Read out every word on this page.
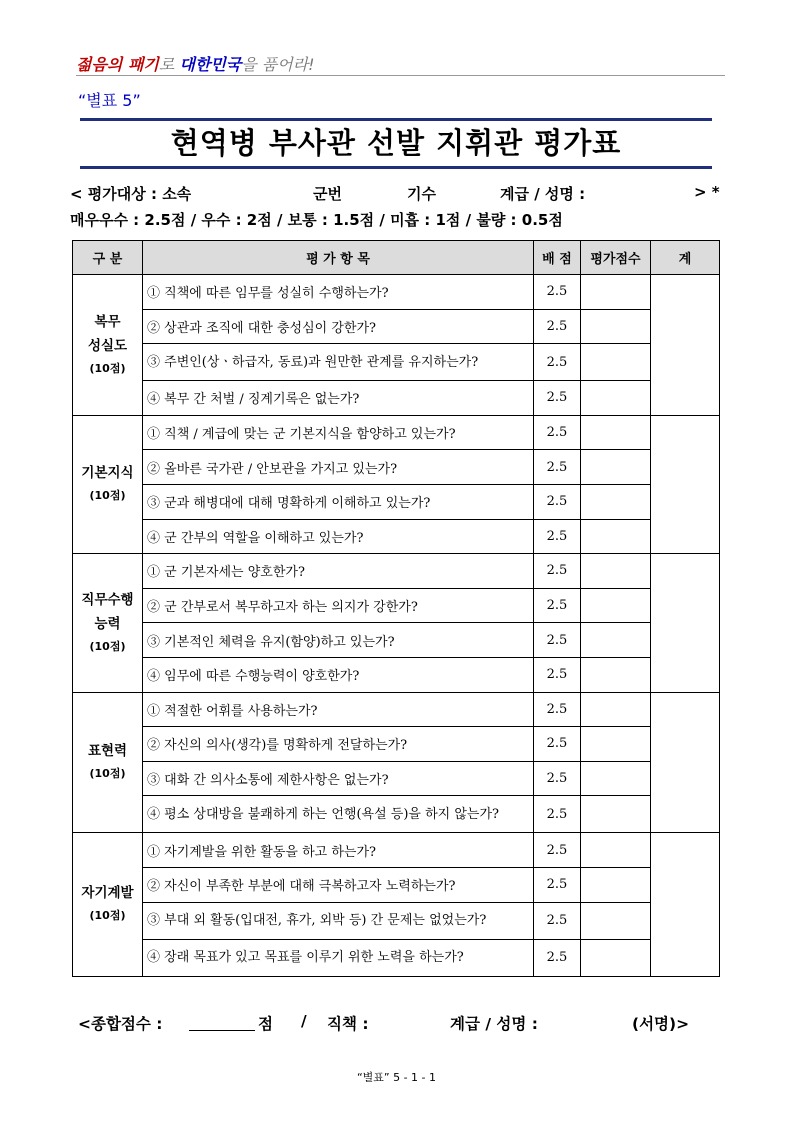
젊음의 패기로 대한민국을 품어라!
“별표 5”
현역병 부사관 선발 지휘관 평가표
< 평가대상 : 소속	군번	기수	계급 / 성명 :	> *
매우우수 : 2.5점 / 우수 : 2점 / 보통 : 1.5점 / 미흡 : 1점 / 불량 : 0.5점
구 분	평 가 항 목	배 점	평가점수	계
복무
성실도
(10점)	① 직책에 따른 임무를 성실히 수행하는가?	2.5		
	② 상관과 조직에 대한 충성심이 강한가?	2.5		
	③ 주변인(상ㆍ하급자, 동료)과 원만한 관계를 유지하는가?	2.5		
	④ 복무 간 처벌 / 징계기록은 없는가?	2.5		
기본지식
(10점)	① 직책 / 계급에 맞는 군 기본지식을 함양하고 있는가?	2.5		
	② 올바른 국가관 / 안보관을 가지고 있는가?	2.5		
	③ 군과 해병대에 대해 명확하게 이해하고 있는가?	2.5		
	④ 군 간부의 역할을 이해하고 있는가?	2.5		
직무수행
능력
(10점)	① 군 기본자세는 양호한가?	2.5		
	② 군 간부로서 복무하고자 하는 의지가 강한가?	2.5		
	③ 기본적인 체력을 유지(함양)하고 있는가?	2.5		
	④ 임무에 따른 수행능력이 양호한가?	2.5		
표현력
(10점)	① 적절한 어휘를 사용하는가?	2.5		
	② 자신의 의사(생각)를 명확하게 전달하는가?	2.5		
	③ 대화 간 의사소통에 제한사항은 없는가?	2.5		
	④ 평소 상대방을 불쾌하게 하는 언행(욕설 등)을 하지 않는가?	2.5		
자기계발
(10점)	① 자기계발을 위한 활동을 하고 하는가?	2.5		
	② 자신이 부족한 부분에 대해 극복하고자 노력하는가?	2.5		
	③ 부대 외 활동(입대전, 휴가, 외박 등) 간 문제는 없었는가?	2.5		
	④ 장래 목표가 있고 목표를 이루기 위한 노력을 하는가?	2.5		
<종합점수 :	점 / 직책 :	계급 / 성명 :	(서명)>
“별표” 5 - 1 - 1
